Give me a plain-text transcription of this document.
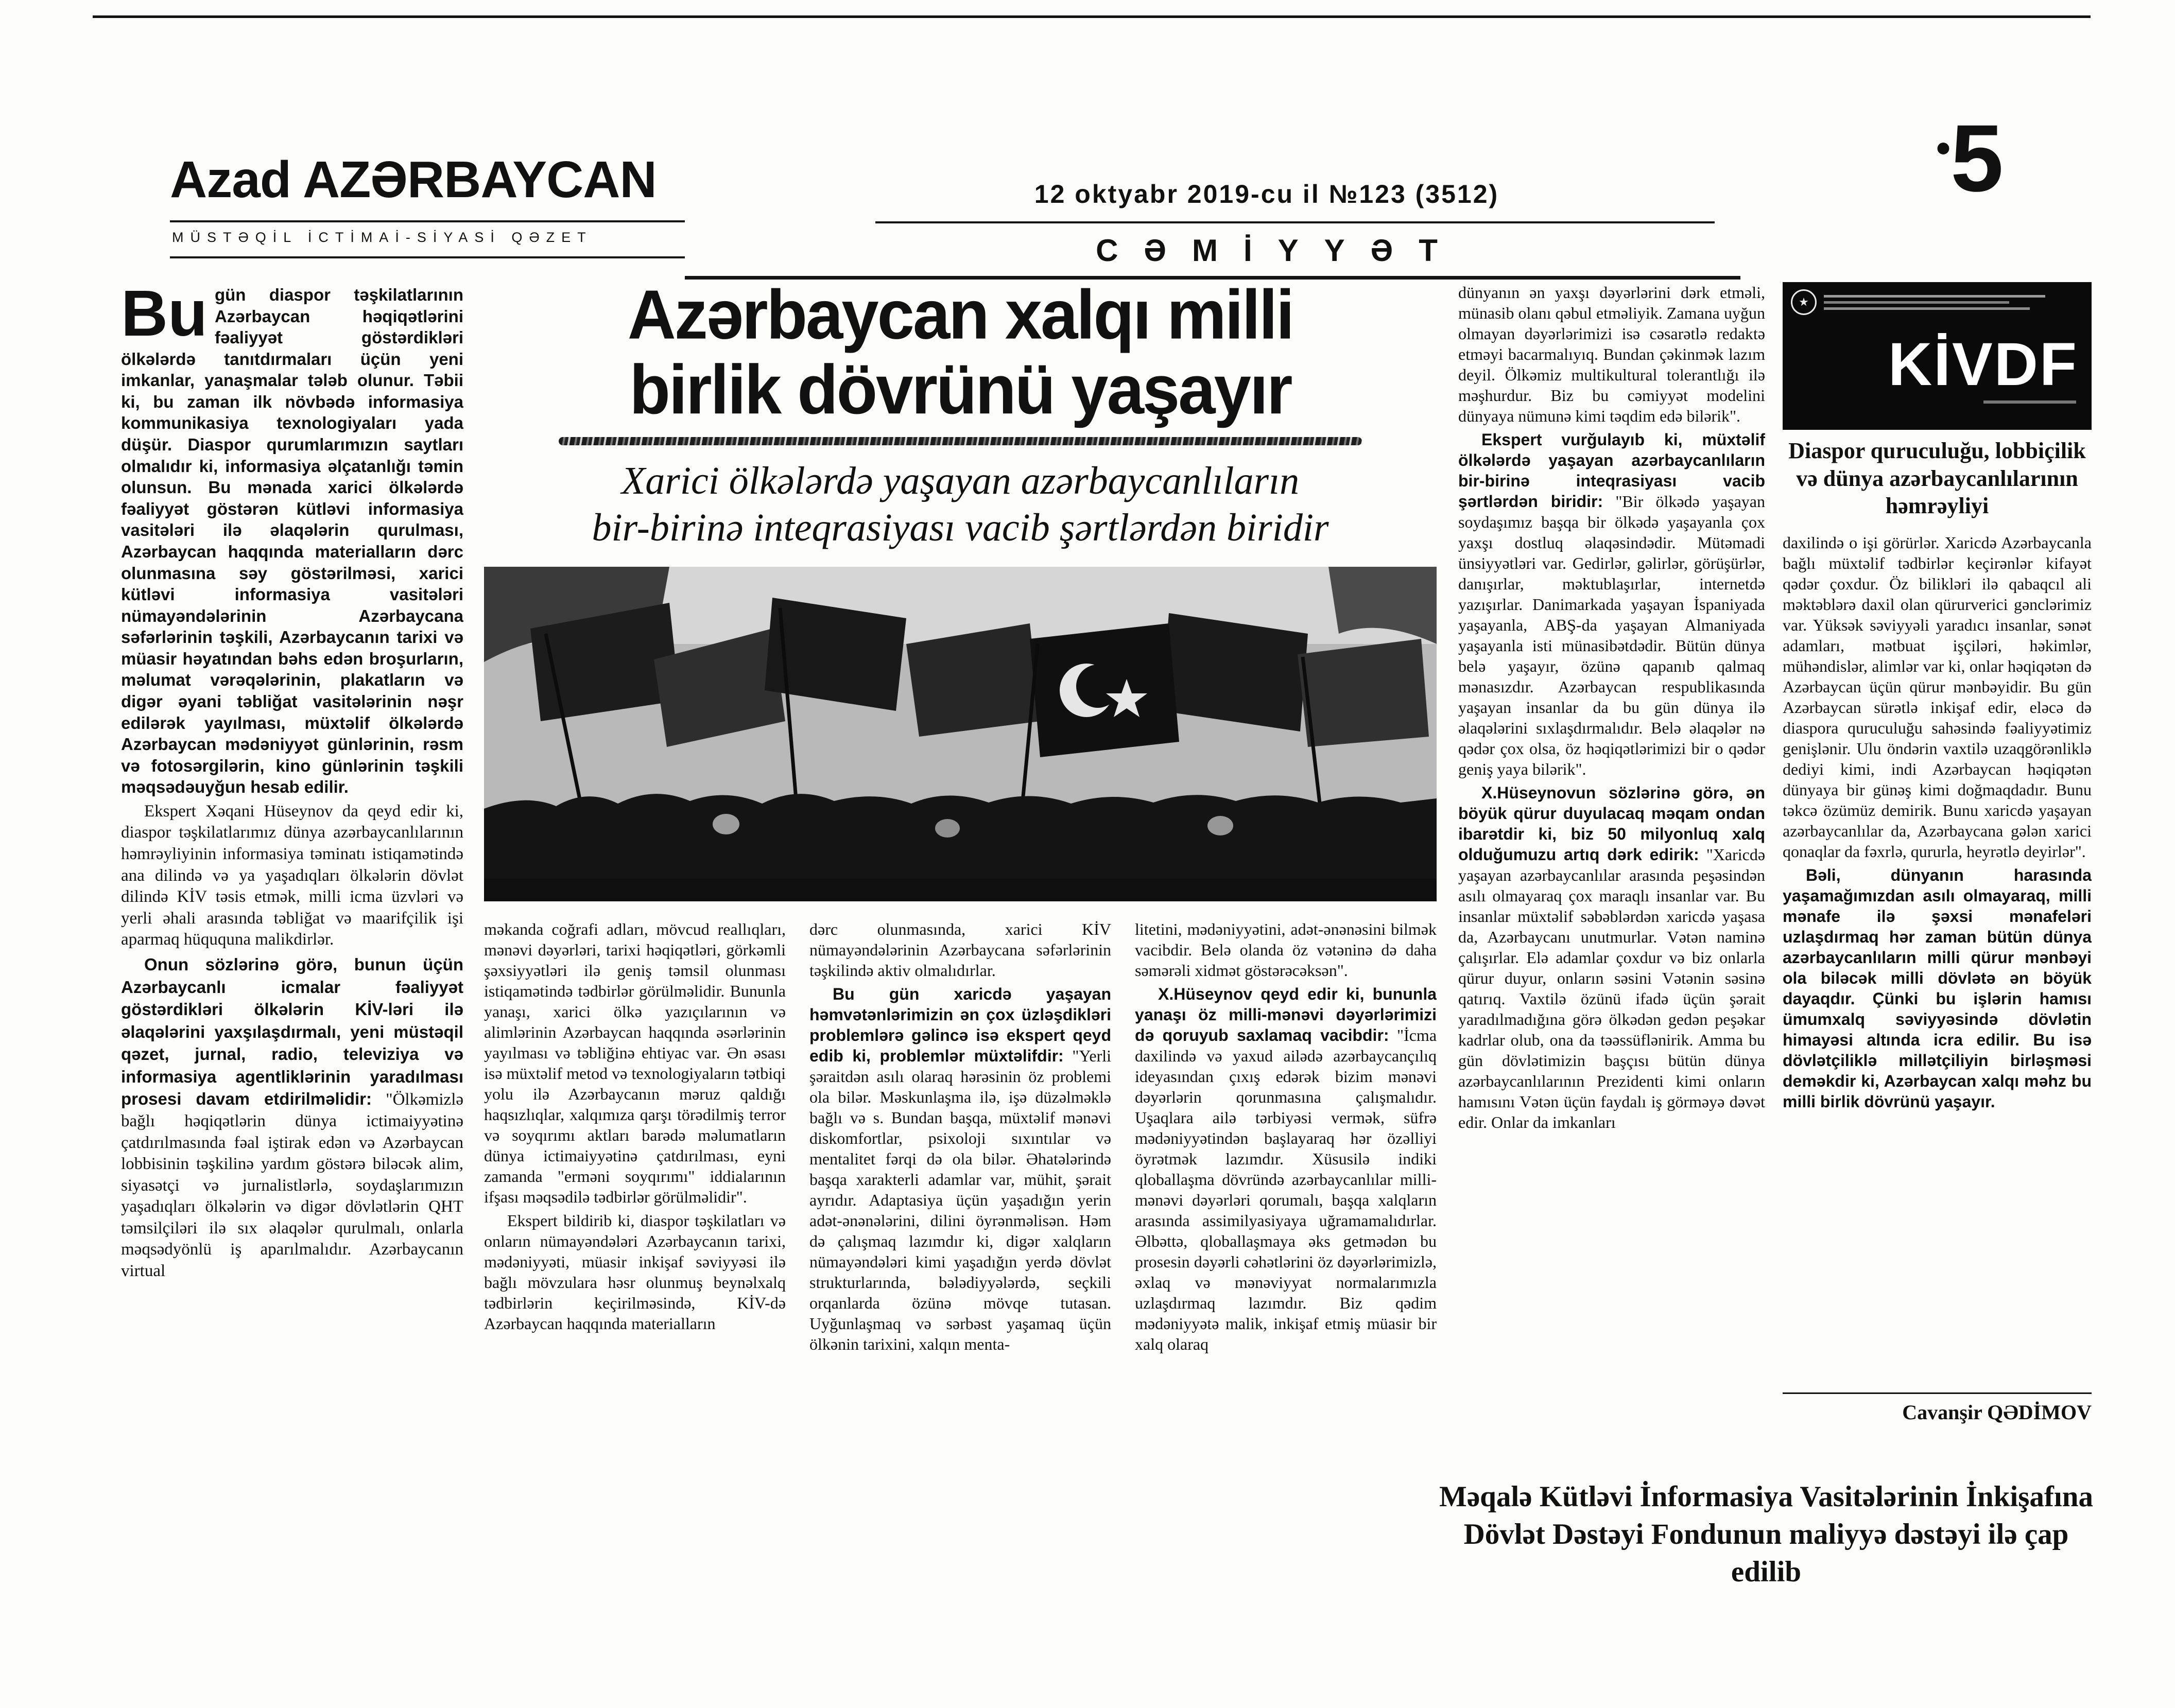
Azad AZƏRBAYCAN
MÜSTƏQİL İCTİMAİ-SİYASİ QƏZET
12 oktyabr 2019-cu il №123 (3512)
CƏMİYYƏT
•5

Bu gün diaspor təşkilatlarının Azərbaycan həqiqətlərini fəaliyyət göstərdikləri ölkələrdə tanıtdırmaları üçün yeni imkanlar, yanaşmalar tələb olunur. Təbii ki, bu zaman ilk növbədə informasiya kommunikasiya texnologiyaları yada düşür. Diaspor qurumlarımızın saytları olmalıdır ki, informasiya əlçatanlığı təmin olunsun. Bu mənada xarici ölkələrdə fəaliyyət göstərən kütləvi informasiya vasitələri ilə əlaqələrin qurulması, Azərbaycan haqqında materialların dərc olunmasına səy göstərilməsi, xarici kütləvi informasiya vasitələri nümayəndələrinin Azərbaycana səfərlərinin təşkili, Azərbaycanın tarixi və müasir həyatından bəhs edən broşurların, məlumat vərəqələrinin, plakatların və digər əyani təbliğat vasitələrinin nəşr edilərək yayılması, müxtəlif ölkələrdə Azərbaycan mədəniyyət günlərinin, rəsm və fotosərgilərin, kino günlərinin təşkili məqsədəuyğun hesab edilir.

Ekspert Xəqani Hüseynov da qeyd edir ki, diaspor təşkilatlarımız dünya azərbaycanlılarının həmrəyliyinin informasiya təminatı istiqamətində ana dilində və ya yaşadıqları ölkələrin dövlət dilində KİV təsis etmək, milli icma üzvləri və yerli əhali arasında təbliğat və maarifçilik işi aparmaq hüququna malikdirlər.

Onun sözlərinə görə, bunun üçün Azərbaycanlı icmalar fəaliyyət göstərdikləri ölkələrin KİV-ləri ilə əlaqələrini yaxşılaşdırmalı, yeni müstəqil qəzet, jurnal, radio, televiziya və informasiya agentliklərinin yaradılması prosesi davam etdirilməlidir: "Ölkəmizlə bağlı həqiqətlərin dünya ictimaiyyətinə çatdırılmasında fəal iştirak edən və Azərbaycan lobbisinin təşkilinə yardım göstərə biləcək alim, siyasətçi və jurnalistlərlə, soydaşlarımızın yaşadıqları ölkələrin və digər dövlətlərin QHT təmsilçiləri ilə sıx əlaqələr qurulmalı, onlarla məqsədyönlü iş aparılmalıdır. Azərbaycanın virtual

Azərbaycan xalqı milli
birlik dövrünü yaşayır
Xarici ölkələrdə yaşayan azərbaycanlıların
bir-birinə inteqrasiyası vacib şərtlərdən biridir

məkanda coğrafi adları, mövcud reallıqları, mənəvi dəyərləri, tarixi həqiqətləri, görkəmli şəxsiyyətləri ilə geniş təmsil olunması istiqamətində tədbirlər görülməlidir. Bununla yanaşı, xarici ölkə yazıçılarının və alimlərinin Azərbaycan haqqında əsərlərinin yayılması və təbliğinə ehtiyac var. Ən əsası isə müxtəlif metod və texnologiyaların tətbiqi yolu ilə Azərbaycanın məruz qaldığı haqsızlıqlar, xalqımıza qarşı törədilmiş terror və soyqırımı aktları barədə məlumatların dünya ictimaiyyətinə çatdırılması, eyni zamanda "erməni soyqırımı" iddialarının ifşası məqsədilə tədbirlər görülməlidir".

Ekspert bildirib ki, diaspor təşkilatları və onların nümayəndələri Azərbaycanın tarixi, mədəniyyəti, müasir inkişaf səviyyəsi ilə bağlı mövzulara həsr olunmuş beynəlxalq tədbirlərin keçirilməsində, KİV-də Azərbaycan haqqında materialların

dərc olunmasında, xarici KİV nümayəndələrinin Azərbaycana səfərlərinin təşkilində aktiv olmalıdırlar.

Bu gün xaricdə yaşayan həmvətənlərimizin ən çox üzləşdikləri problemlərə gəlincə isə ekspert qeyd edib ki, problemlər müxtəlifdir: "Yerli şəraitdən asılı olaraq hərəsinin öz problemi ola bilər. Məskunlaşma ilə, işə düzəlməklə bağlı və s. Bundan başqa, müxtəlif mənəvi diskomfortlar, psixoloji sıxıntılar və mentalitet fərqi də ola bilər. Əhatələrində başqa xarakterli adamlar var, mühit, şərait ayrıdır. Adaptasiya üçün yaşadığın yerin adət-ənənələrini, dilini öyrənməlisən. Həm də çalışmaq lazımdır ki, digər xalqların nümayəndələri kimi yaşadığın yerdə dövlət strukturlarında, bələdiyyələrdə, seçkili orqanlarda özünə mövqe tutasan. Uyğunlaşmaq və sərbəst yaşamaq üçün ölkənin tarixini, xalqın menta-

litetini, mədəniyyətini, adət-ənənəsini bilmək vacibdir. Belə olanda öz vətəninə də daha səmərəli xidmət göstərəcəksən".

X.Hüseynov qeyd edir ki, bununla yanaşı öz milli-mənəvi dəyərlərimizi də qoruyub saxlamaq vacibdir: "İcma daxilində və yaxud ailədə azərbaycançılıq ideyasından çıxış edərək bizim mənəvi dəyərlərin qorunmasına çalışmalıdır. Uşaqlara ailə tərbiyəsi vermək, süfrə mədəniyyətindən başlayaraq hər özəlliyi öyrətmək lazımdır. Xüsusilə indiki qloballaşma dövründə azərbaycanlılar milli-mənəvi dəyərləri qorumalı, başqa xalqların arasında assimilyasiyaya uğramamalıdırlar. Əlbəttə, qloballaşmaya əks getmədən bu prosesin dəyərli cəhətlərini öz dəyərlərimizlə, əxlaq və mənəviyyat normalarımızla uzlaşdırmaq lazımdır. Biz qədim mədəniyyətə malik, inkişaf etmiş müasir bir xalq olaraq

dünyanın ən yaxşı dəyərlərini dərk etməli, münasib olanı qəbul etməliyik. Zamana uyğun olmayan dəyərlərimizi isə cəsarətlə redaktə etməyi bacarmalıyıq. Bundan çəkinmək lazım deyil. Ölkəmiz multikultural tolerantlığı ilə məşhurdur. Biz bu cəmiyyət modelini dünyaya nümunə kimi təqdim edə bilərik".

Ekspert vurğulayıb ki, müxtəlif ölkələrdə yaşayan azərbaycanlıların bir-birinə inteqrasiyası vacib şərtlərdən biridir: "Bir ölkədə yaşayan soydaşımız başqa bir ölkədə yaşayanla çox yaxşı dostluq əlaqəsindədir. Mütəmadi ünsiyyətləri var. Gedirlər, gəlirlər, görüşürlər, danışırlar, məktublaşırlar, internetdə yazışırlar. Danimarkada yaşayan İspaniyada yaşayanla, ABŞ-da yaşayan Almaniyada yaşayanla isti münasibətdədir. Bütün dünya belə yaşayır, özünə qapanıb qalmaq mənasızdır. Azərbaycan respublikasında yaşayan insanlar da bu gün dünya ilə əlaqələrini sıxlaşdırmalıdır. Belə əlaqələr nə qədər çox olsa, öz həqiqətlərimizi bir o qədər geniş yaya bilərik".

X.Hüseynovun sözlərinə görə, ən böyük qürur duyulacaq məqam ondan ibarətdir ki, biz 50 milyonluq xalq olduğumuzu artıq dərk edirik: "Xaricdə yaşayan azərbaycanlılar arasında peşəsindən asılı olmayaraq çox maraqlı insanlar var. Bu insanlar müxtəlif səbəblərdən xaricdə yaşasa da, Azərbaycanı unutmurlar. Vətən naminə çalışırlar. Elə adamlar çoxdur və biz onlarla qürur duyur, onların səsini Vətənin səsinə qatırıq. Vaxtilə özünü ifadə üçün şərait yaradılmadığına görə ölkədən gedən peşəkar kadrlar olub, ona da təəssüflənirik. Amma bu gün dövlətimizin başçısı bütün dünya azərbaycanlılarının Prezidenti kimi onların hamısını Vətən üçün faydalı iş görməyə dəvət edir. Onlar da imkanları

★
KİVDF
Diaspor quruculuğu, lobbiçilik və dünya azərbaycanlılarının həmrəyliyi

daxilində o işi görürlər. Xaricdə Azərbaycanla bağlı müxtəlif tədbirlər keçirənlər kifayət qədər çoxdur. Öz bilikləri ilə qabaqcıl ali məktəblərə daxil olan qürurverici gənclərimiz var. Yüksək səviyyəli yaradıcı insanlar, sənət adamları, mətbuat işçiləri, həkimlər, mühəndislər, alimlər var ki, onlar həqiqətən də Azərbaycan üçün qürur mənbəyidir. Bu gün Azərbaycan sürətlə inkişaf edir, eləcə də diaspora quruculuğu sahəsində fəaliyyətimiz genişlənir. Ulu öndərin vaxtilə uzaqgörənliklə dediyi kimi, indi Azərbaycan həqiqətən dünyaya bir günəş kimi doğmaqdadır. Bunu təkcə özümüz demirik. Bunu xaricdə yaşayan azərbaycanlılar da, Azərbaycana gələn xarici qonaqlar da fəxrlə, qururla, heyrətlə deyirlər".

Bəli, dünyanın harasında yaşamağımızdan asılı olmayaraq, milli mənafe ilə şəxsi mənafeləri uzlaşdırmaq hər zaman bütün dünya azərbaycanlıların milli qürur mənbəyi ola biləcək milli dövlətə ən böyük dayaqdır. Çünki bu işlərin hamısı ümumxalq səviyyəsində dövlətin himayəsi altında icra edilir. Bu isə dövlətçiliklə millətçiliyin birləşməsi deməkdir ki, Azərbaycan xalqı məhz bu milli birlik dövrünü yaşayır.

Cavanşir QƏDİMOV
Məqalə Kütləvi İnformasiya Vasitələrinin İnkişafına Dövlət Dəstəyi Fondunun maliyyə dəstəyi ilə çap edilib
